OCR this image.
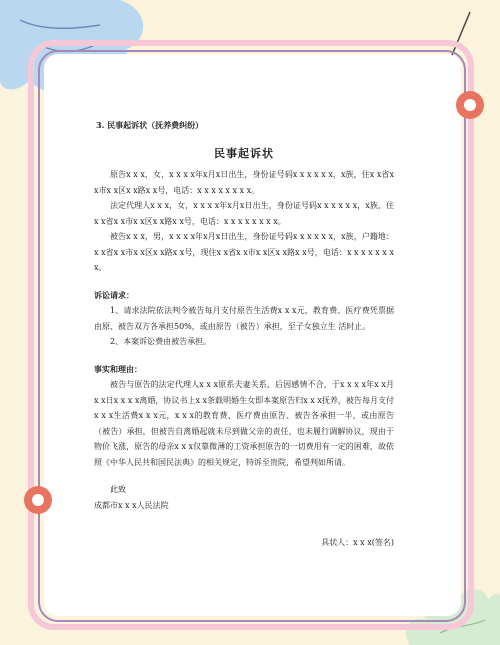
3. 民事起诉状（抚养费纠纷）
民事起诉状

原告x x x，女，x x x x年x月x日出生，身份证号码x x x x x x，x族，住x x省x x市x x区x x路x x号，电话：x x x x x x x x。

法定代理人x x x，女，x x x x年x月x日出生，身份证号码x x x x x x，x族，住x x省x x市x x区x x路x x号，电话：x x x x x x x x。

被告x x x，男，x x x x年x月x日出生，身份证号码x x x x x x，x族，户籍地：x x省x x市x x区x x路x x号，现住x x省x x市x x区x x路x x号，电话：x x x x x x x x。

诉讼请求：

1、请求法院依法判令被告每月支付原告生活费x x x元，教育费、医疗费凭票据由原、被告双方各承担50%，或由原告（被告）承担，至子女独立生 活时止。

2、本案诉讼费由被告承担。

事实和理由：

被告与原告的法定代理人x x x原系夫妻关系，后因感情不合，于x x x x年x x月x x日x x x x离婚，协议书上x x条载明婚生女即本案原告归x x x抚养，被告每月支付x x x生活费x x x元，x x x的教育费、医疗费由原告、被告各承担一半，或由原告（被告）承担，但被告自离婚起就未尽到做父亲的责任，也未履行调解协议，现由于物价飞涨，原告的母亲x x x仅靠微薄的工资承担原告的一切费用有一定的困难，故依照《中华人民共和国民法典》的相关规定，特诉至贵院，希望判如所请。

此致

成都市x x x人民法院

具状人：x x x(签名)
